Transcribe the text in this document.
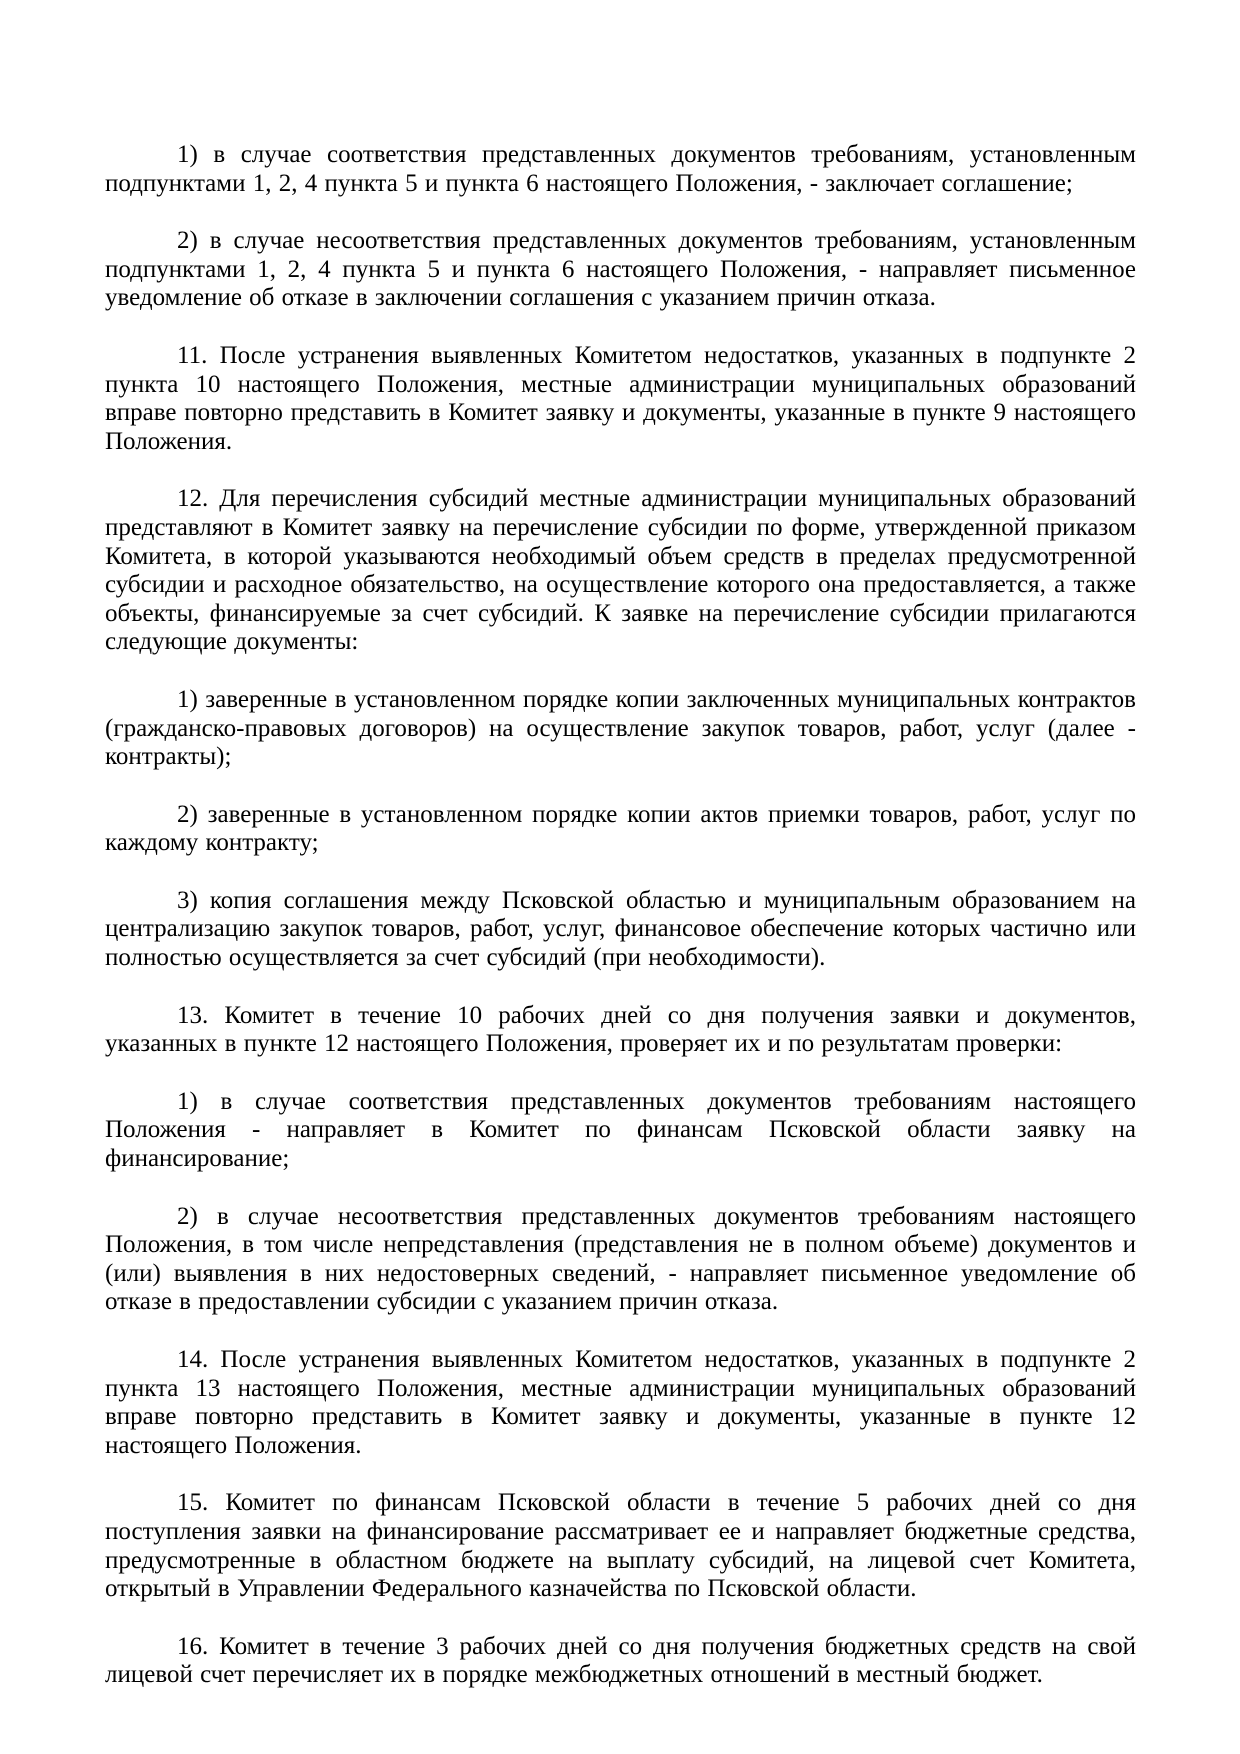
1) в случае соответствия представленных документов требованиям, установленным подпунктами 1, 2, 4 пункта 5 и пункта 6 настоящего Положения, - заключает соглашение;

2) в случае несоответствия представленных документов требованиям, установленным подпунктами 1, 2, 4 пункта 5 и пункта 6 настоящего Положения, - направляет письменное уведомление об отказе в заключении соглашения с указанием причин отказа.

11. После устранения выявленных Комитетом недостатков, указанных в подпункте 2 пункта 10 настоящего Положения, местные администрации муниципальных образований вправе повторно представить в Комитет заявку и документы, указанные в пункте 9 настоящего Положения.

12. Для перечисления субсидий местные администрации муниципальных образований представляют в Комитет заявку на перечисление субсидии по форме, утвержденной приказом Комитета, в которой указываются необходимый объем средств в пределах предусмотренной субсидии и расходное обязательство, на осуществление которого она предоставляется, а также объекты, финансируемые за счет субсидий. К заявке на перечисление субсидии прилагаются следующие документы:

1) заверенные в установленном порядке копии заключенных муниципальных контрактов (гражданско-правовых договоров) на осуществление закупок товаров, работ, услуг (далее - контракты);

2) заверенные в установленном порядке копии актов приемки товаров, работ, услуг по каждому контракту;

3) копия соглашения между Псковской областью и муниципальным образованием на централизацию закупок товаров, работ, услуг, финансовое обеспечение которых частично или полностью осуществляется за счет субсидий (при необходимости).

13. Комитет в течение 10 рабочих дней со дня получения заявки и документов, указанных в пункте 12 настоящего Положения, проверяет их и по результатам проверки:

1) в случае соответствия представленных документов требованиям настоящего Положения - направляет в Комитет по финансам Псковской области заявку на финансирование;

2) в случае несоответствия представленных документов требованиям настоящего Положения, в том числе непредставления (представления не в полном объеме) документов и (или) выявления в них недостоверных сведений, - направляет письменное уведомление об отказе в предоставлении субсидии с указанием причин отказа.

14. После устранения выявленных Комитетом недостатков, указанных в подпункте 2 пункта 13 настоящего Положения, местные администрации муниципальных образований вправе повторно представить в Комитет заявку и документы, указанные в пункте 12 настоящего Положения.

15. Комитет по финансам Псковской области в течение 5 рабочих дней со дня поступления заявки на финансирование рассматривает ее и направляет бюджетные средства, предусмотренные в областном бюджете на выплату субсидий, на лицевой счет Комитета, открытый в Управлении Федерального казначейства по Псковской области.

16. Комитет в течение 3 рабочих дней со дня получения бюджетных средств на свой лицевой счет перечисляет их в порядке межбюджетных отношений в местный бюджет.
